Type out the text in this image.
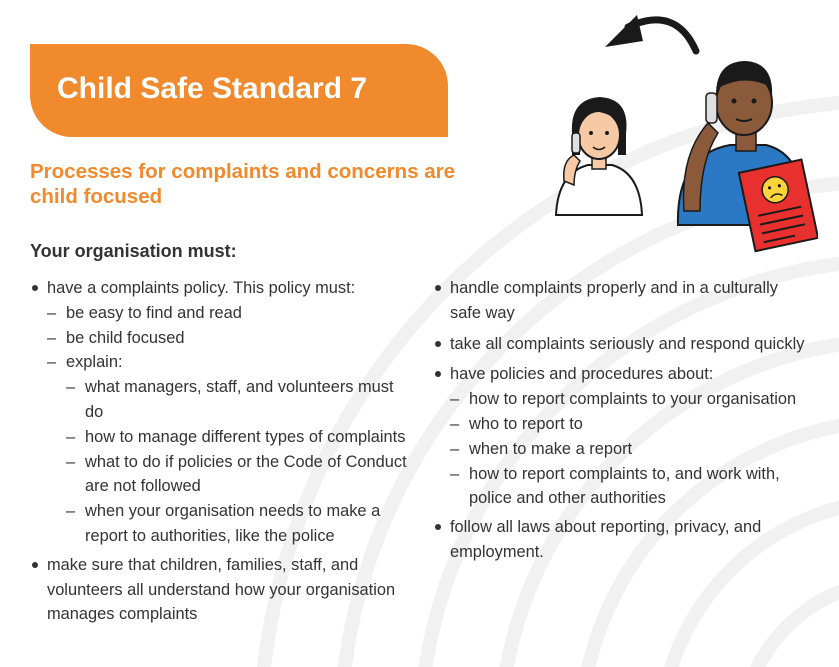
Child Safe Standard 7
Processes for complaints and concerns are child focused
Your organisation must:
have a complaints policy. This policy must:
– be easy to find and read
– be child focused
– explain:
– what managers, staff, and volunteers must do
– how to manage different types of complaints
– what to do if policies or the Code of Conduct are not followed
– when your organisation needs to make a report to authorities, like the police
make sure that children, families, staff, and volunteers all understand how your organisation manages complaints
handle complaints properly and in a culturally safe way
take all complaints seriously and respond quickly
have policies and procedures about:
– how to report complaints to your organisation
– who to report to
– when to make a report
– how to report complaints to, and work with, police and other authorities
follow all laws about reporting, privacy, and employment.
